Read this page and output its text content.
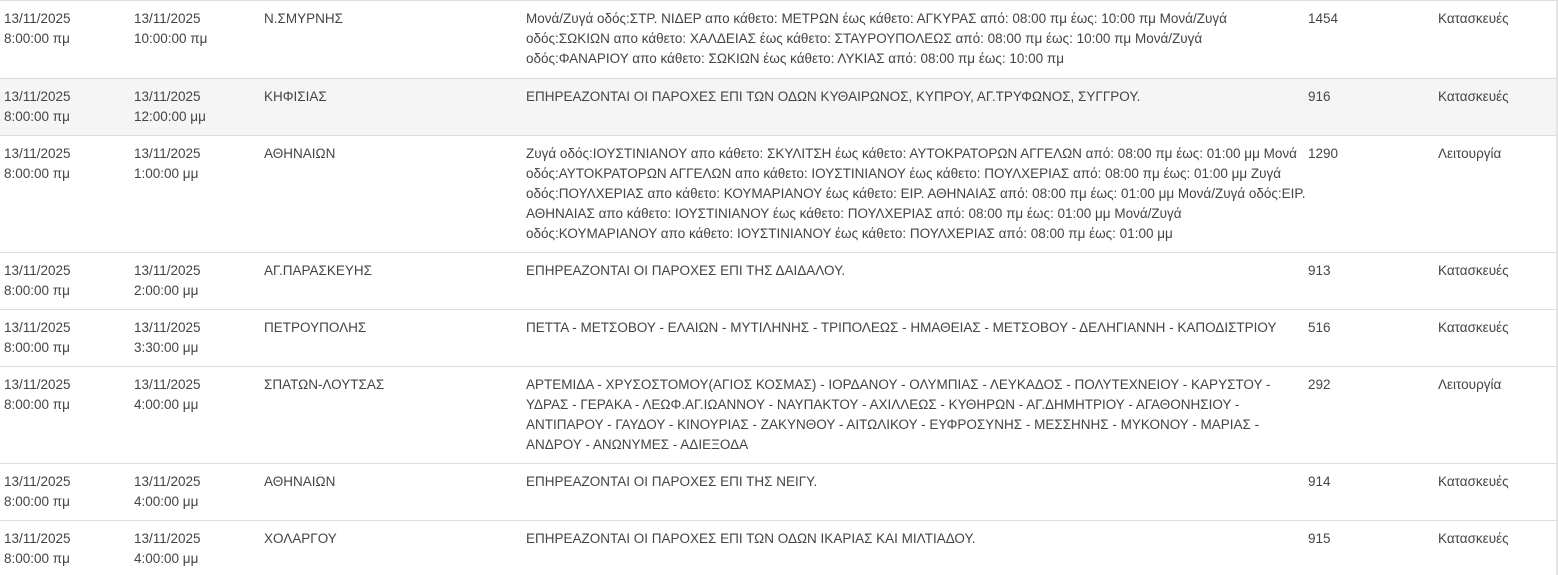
13/11/2025
8:00:00 πμ	13/11/2025
10:00:00 πμ	Ν.ΣΜΥΡΝΗΣ	Μονά/Ζυγά οδός:ΣΤΡ. ΝΙΔΕΡ απο κάθετο: ΜΕΤΡΩΝ έως κάθετο: ΑΓΚΥΡΑΣ από: 08:00 πμ έως: 10:00 πμ Μονά/Ζυγά οδός:ΣΩΚΙΩΝ απο κάθετο: ΧΑΛΔΕΙΑΣ έως κάθετο: ΣΤΑΥΡΟΥΠΟΛΕΩΣ από: 08:00 πμ έως: 10:00 πμ Μονά/Ζυγά οδός:ΦΑΝΑΡΙΟΥ απο κάθετο: ΣΩΚΙΩΝ έως κάθετο: ΛΥΚΙΑΣ από: 08:00 πμ έως: 10:00 πμ	1454	Κατασκευές

13/11/2025
8:00:00 πμ	13/11/2025
12:00:00 μμ	ΚΗΦΙΣΙΑΣ	ΕΠΗΡΕΑΖΟΝΤΑΙ ΟΙ ΠΑΡΟΧΕΣ ΕΠΙ ΤΩΝ ΟΔΩΝ ΚΥΘΑΙΡΩΝΟΣ, ΚΥΠΡΟΥ, ΑΓ.ΤΡΥΦΩΝΟΣ, ΣΥΓΓΡΟΥ.	916	Κατασκευές

13/11/2025
8:00:00 πμ	13/11/2025
1:00:00 μμ	ΑΘΗΝΑΙΩΝ	Ζυγά οδός:ΙΟΥΣΤΙΝΙΑΝΟΥ απο κάθετο: ΣΚΥΛΙΤΣΗ έως κάθετο: ΑΥΤΟΚΡΑΤΟΡΩΝ ΑΓΓΕΛΩΝ από: 08:00 πμ έως: 01:00 μμ Μονά οδός:ΑΥΤΟΚΡΑΤΟΡΩΝ ΑΓΓΕΛΩΝ απο κάθετο: ΙΟΥΣΤΙΝΙΑΝΟΥ έως κάθετο: ΠΟΥΛΧΕΡΙΑΣ από: 08:00 πμ έως: 01:00 μμ Ζυγά οδός:ΠΟΥΛΧΕΡΙΑΣ απο κάθετο: ΚΟΥΜΑΡΙΑΝΟΥ έως κάθετο: ΕΙΡ. ΑΘΗΝΑΙΑΣ από: 08:00 πμ έως: 01:00 μμ Μονά/Ζυγά οδός:ΕΙΡ. ΑΘΗΝΑΙΑΣ απο κάθετο: ΙΟΥΣΤΙΝΙΑΝΟΥ έως κάθετο: ΠΟΥΛΧΕΡΙΑΣ από: 08:00 πμ έως: 01:00 μμ Μονά/Ζυγά οδός:ΚΟΥΜΑΡΙΑΝΟΥ απο κάθετο: ΙΟΥΣΤΙΝΙΑΝΟΥ έως κάθετο: ΠΟΥΛΧΕΡΙΑΣ από: 08:00 πμ έως: 01:00 μμ	1290	Λειτουργία

13/11/2025
8:00:00 πμ	13/11/2025
2:00:00 μμ	ΑΓ.ΠΑΡΑΣΚΕΥΗΣ	ΕΠΗΡΕΑΖΟΝΤΑΙ ΟΙ ΠΑΡΟΧΕΣ ΕΠΙ ΤΗΣ ΔΑΙΔΑΛΟΥ.	913	Κατασκευές

13/11/2025
8:00:00 πμ	13/11/2025
3:30:00 μμ	ΠΕΤΡΟΥΠΟΛΗΣ	ΠΕΤΤΑ - ΜΕΤΣΟΒΟΥ - ΕΛΑΙΩΝ - ΜΥΤΙΛΗΝΗΣ - ΤΡΙΠΟΛΕΩΣ - ΗΜΑΘΕΙΑΣ - ΜΕΤΣΟΒΟΥ - ΔΕΛΗΓΙΑΝΝΗ - ΚΑΠΟΔΙΣΤΡΙΟΥ	516	Κατασκευές

13/11/2025
8:00:00 πμ	13/11/2025
4:00:00 μμ	ΣΠΑΤΩΝ-ΛΟΥΤΣΑΣ	ΑΡΤΕΜΙΔΑ - ΧΡΥΣΟΣΤΟΜΟΥ(ΑΓΙΟΣ ΚΟΣΜΑΣ) - ΙΟΡΔΑΝΟΥ - ΟΛΥΜΠΙΑΣ - ΛΕΥΚΑΔΟΣ - ΠΟΛΥΤΕΧΝΕΙΟΥ - ΚΑΡΥΣΤΟΥ - ΥΔΡΑΣ - ΓΕΡΑΚΑ - ΛΕΩΦ.ΑΓ.ΙΩΑΝΝΟΥ - ΝΑΥΠΑΚΤΟΥ - ΑΧΙΛΛΕΩΣ - ΚΥΘΗΡΩΝ - ΑΓ.ΔΗΜΗΤΡΙΟΥ - ΑΓΑΘΟΝΗΣΙΟΥ - ΑΝΤΙΠΑΡΟΥ - ΓΑΥΔΟΥ - ΚΙΝΟΥΡΙΑΣ - ΖΑΚΥΝΘΟΥ - ΑΙΤΩΛΙΚΟΥ - ΕΥΦΡΟΣΥΝΗΣ - ΜΕΣΣΗΝΗΣ - ΜΥΚΟΝΟΥ - ΜΑΡΙΑΣ - ΑΝΔΡΟΥ - ΑΝΩΝΥΜΕΣ - ΑΔΙΕΞΟΔΑ	292	Λειτουργία

13/11/2025
8:00:00 πμ	13/11/2025
4:00:00 μμ	ΑΘΗΝΑΙΩΝ	ΕΠΗΡΕΑΖΟΝΤΑΙ ΟΙ ΠΑΡΟΧΕΣ ΕΠΙ ΤΗΣ ΝΕΙΓΥ.	914	Κατασκευές

13/11/2025
8:00:00 πμ	13/11/2025
4:00:00 μμ	ΧΟΛΑΡΓΟΥ	ΕΠΗΡΕΑΖΟΝΤΑΙ ΟΙ ΠΑΡΟΧΕΣ ΕΠΙ ΤΩΝ ΟΔΩΝ ΙΚΑΡΙΑΣ ΚΑΙ ΜΙΛΤΙΑΔΟΥ.	915	Κατασκευές
